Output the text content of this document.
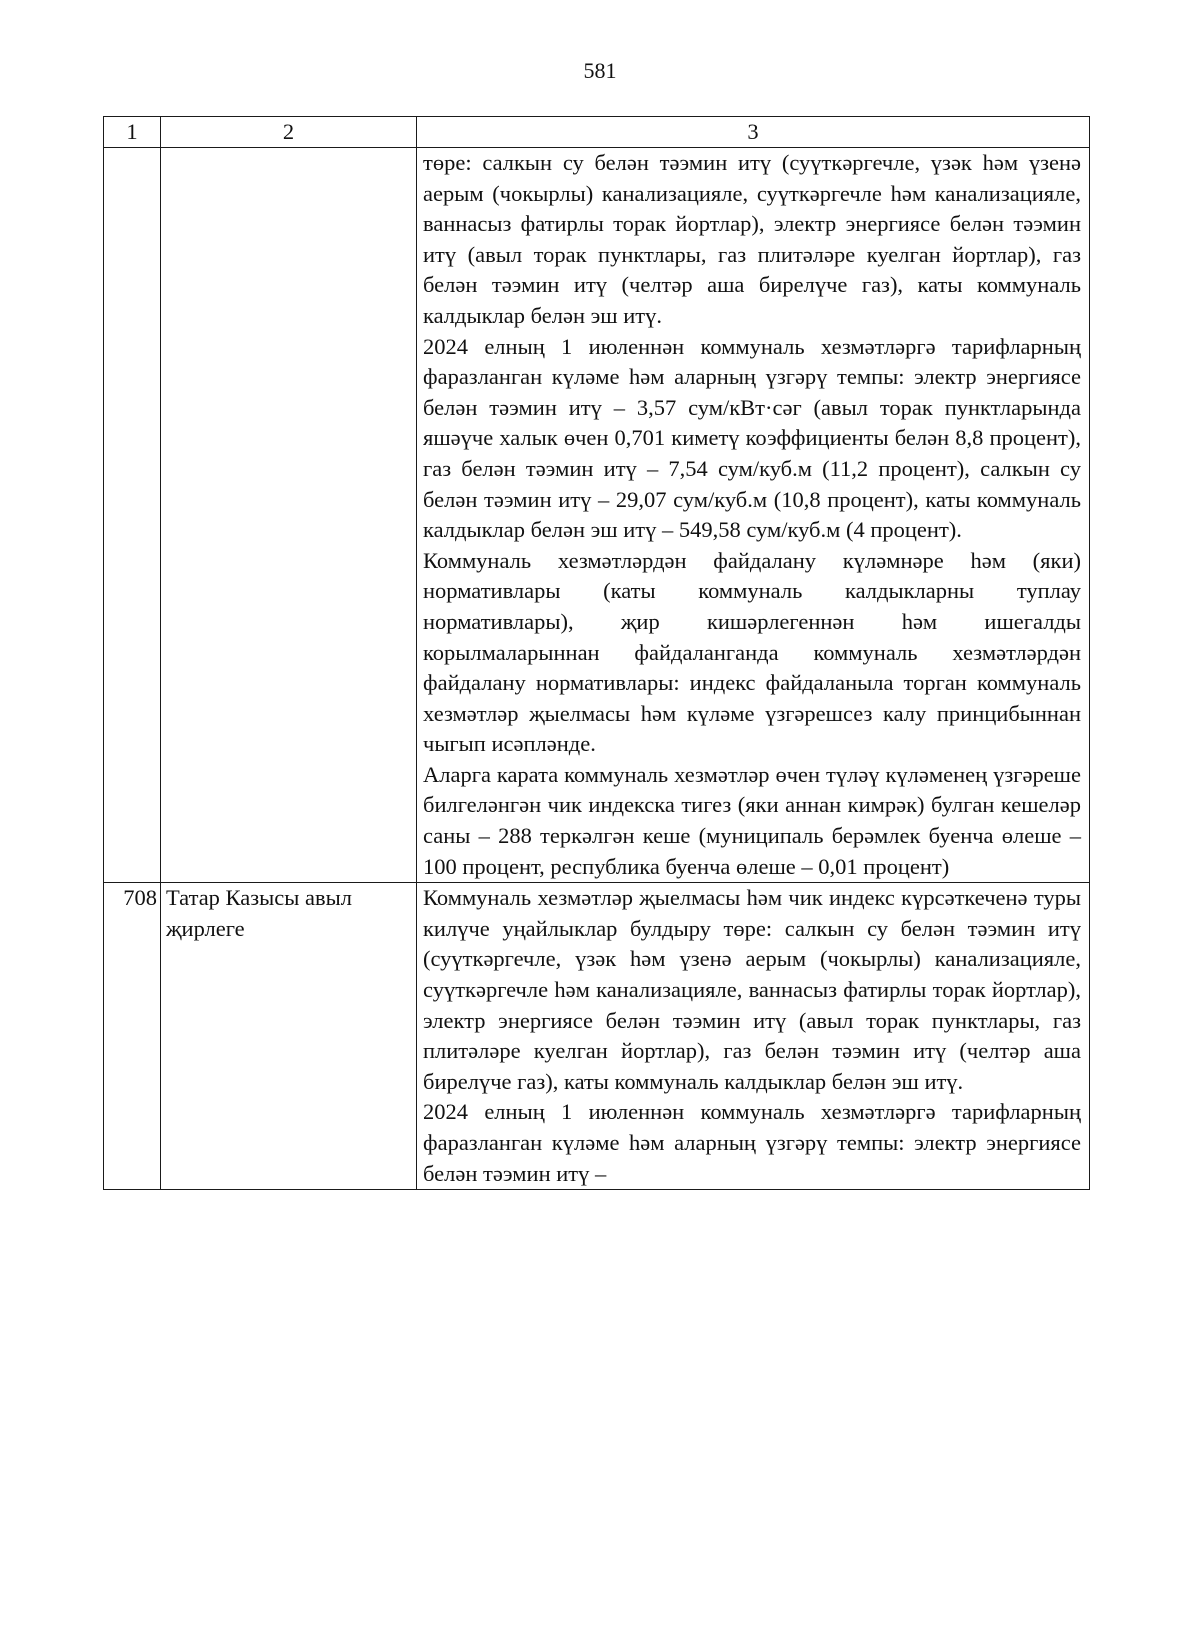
581
1	2	3

		төре: салкын су белән тәэмин итү (суүткәргечле, үзәк һәм үзенә аерым (чокырлы) канализацияле, суүткәргечле һәм канализацияле, ваннасыз фатирлы торак йортлар), электр энергиясе белән тәэмин итү (авыл торак пунктлары, газ плитәләре куелган йортлар), газ белән тәэмин итү (челтәр аша бирелүче газ), каты коммуналь калдыклар белән эш итү.

2024 елның 1 июленнән коммуналь хезмәтләргә тарифларның фаразланган күләме һәм аларның үзгәрү темпы: электр энергиясе белән тәэмин итү – 3,57 сум/кВт·сәг (авыл торак пунктларында яшәүче халык өчен 0,701 киметү коэффициенты белән 8,8 процент), газ белән тәэмин итү – 7,54 сум/куб.м (11,2 процент), салкын су белән тәэмин итү – 29,07 сум/куб.м (10,8 процент), каты коммуналь калдыклар белән эш итү – 549,58 сум/куб.м (4 процент).

Коммуналь хезмәтләрдән файдалану күләмнәре һәм (яки) нормативлары (каты коммуналь калдыкларны туплау нормативлары), җир кишәрлегеннән һәм ишегалды корылмаларыннан файдаланганда коммуналь хезмәтләрдән файдалану нормативлары: индекс файдаланыла торган коммуналь хезмәтләр җыелмасы һәм күләме үзгәрешсез калу принцибыннан чыгып исәпләнде.

Аларга карата коммуналь хезмәтләр өчен түләү күләменең үзгәреше билгеләнгән чик индекска тигез (яки аннан кимрәк) булган кешеләр саны – 288 теркәлгән кеше (муниципаль берәмлек буенча өлеше – 100 процент, республика буенча өлеше – 0,01 процент)

708	Татар Казысы авыл җирлеге	Коммуналь хезмәтләр җыелмасы һәм чик индекс күрсәткеченә туры килүче уңайлыклар булдыру төре: салкын су белән тәэмин итү (суүткәргечле, үзәк һәм үзенә аерым (чокырлы) канализацияле, суүткәргечле һәм канализацияле, ваннасыз фатирлы торак йортлар), электр энергиясе белән тәэмин итү (авыл торак пунктлары, газ плитәләре куелган йортлар), газ белән тәэмин итү (челтәр аша бирелүче газ), каты коммуналь калдыклар белән эш итү.

2024 елның 1 июленнән коммуналь хезмәтләргә тарифларның фаразланган күләме һәм аларның үзгәрү темпы: электр энергиясе белән тәэмин итү –
